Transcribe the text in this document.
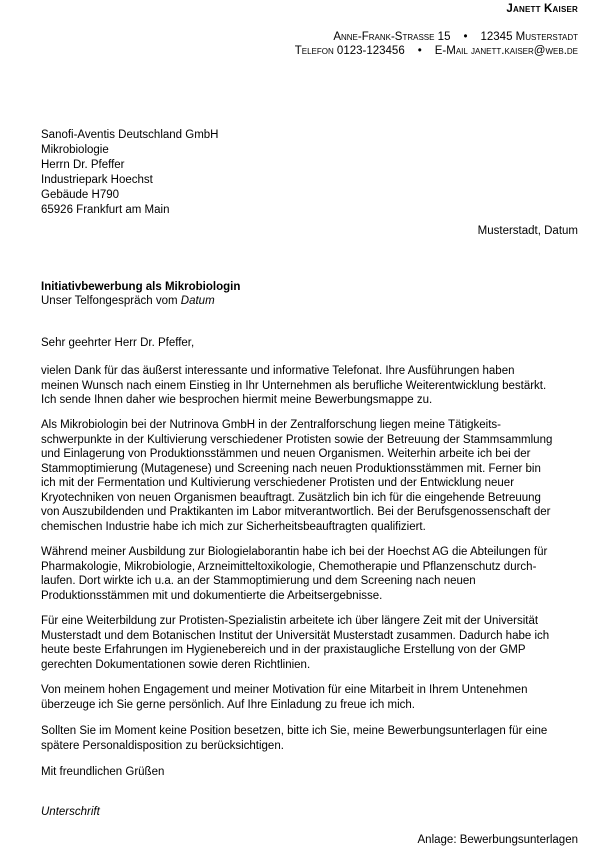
Janett Kaiser
Anne-Frank-Strasse 15 • 12345 Musterstadt
Telefon 0123-123456 • E-Mail janett.kaiser@web.de
Sanofi-Aventis Deutschland GmbH
Mikrobiologie
Herrn Dr. Pfeffer
Industriepark Hoechst
Gebäude H790
65926 Frankfurt am Main
Musterstadt, Datum
Initiativbewerbung als Mikrobiologin
Unser Telfongespräch vom Datum
Sehr geehrter Herr Dr. Pfeffer,
vielen Dank für das äußerst interessante und informative Telefonat. Ihre Ausführungen haben
meinen Wunsch nach einem Einstieg in Ihr Unternehmen als berufliche Weiterentwicklung bestärkt.
Ich sende Ihnen daher wie besprochen hiermit meine Bewerbungsmappe zu.
Als Mikrobiologin bei der Nutrinova GmbH in der Zentralforschung liegen meine Tätigkeits-
schwerpunkte in der Kultivierung verschiedener Protisten sowie der Betreuung der Stammsammlung
und Einlagerung von Produktionsstämmen und neuen Organismen. Weiterhin arbeite ich bei der
Stammoptimierung (Mutagenese) und Screening nach neuen Produktionsstämmen mit. Ferner bin
ich mit der Fermentation und Kultivierung verschiedener Protisten und der Entwicklung neuer
Kryotechniken von neuen Organismen beauftragt. Zusätzlich bin ich für die eingehende Betreuung
von Auszubildenden und Praktikanten im Labor mitverantwortlich. Bei der Berufsgenossenschaft der
chemischen Industrie habe ich mich zur Sicherheitsbeauftragten qualifiziert.
Während meiner Ausbildung zur Biologielaborantin habe ich bei der Hoechst AG die Abteilungen für
Pharmakologie, Mikrobiologie, Arzneimitteltoxikologie, Chemotherapie und Pflanzenschutz durch-
laufen. Dort wirkte ich u.a. an der Stammoptimierung und dem Screening nach neuen
Produktionsstämmen mit und dokumentierte die Arbeitsergebnisse.
Für eine Weiterbildung zur Protisten-Spezialistin arbeitete ich über längere Zeit mit der Universität
Musterstadt und dem Botanischen Institut der Universität Musterstadt zusammen. Dadurch habe ich
heute beste Erfahrungen im Hygienebereich und in der praxistaugliche Erstellung von der GMP
gerechten Dokumentationen sowie deren Richtlinien.
Von meinem hohen Engagement und meiner Motivation für eine Mitarbeit in Ihrem Untenehmen
überzeuge ich Sie gerne persönlich. Auf Ihre Einladung zu freue ich mich.
Sollten Sie im Moment keine Position besetzen, bitte ich Sie, meine Bewerbungsunterlagen für eine
spätere Personaldisposition zu berücksichtigen.
Mit freundlichen Grüßen
Unterschrift
Anlage: Bewerbungsunterlagen
